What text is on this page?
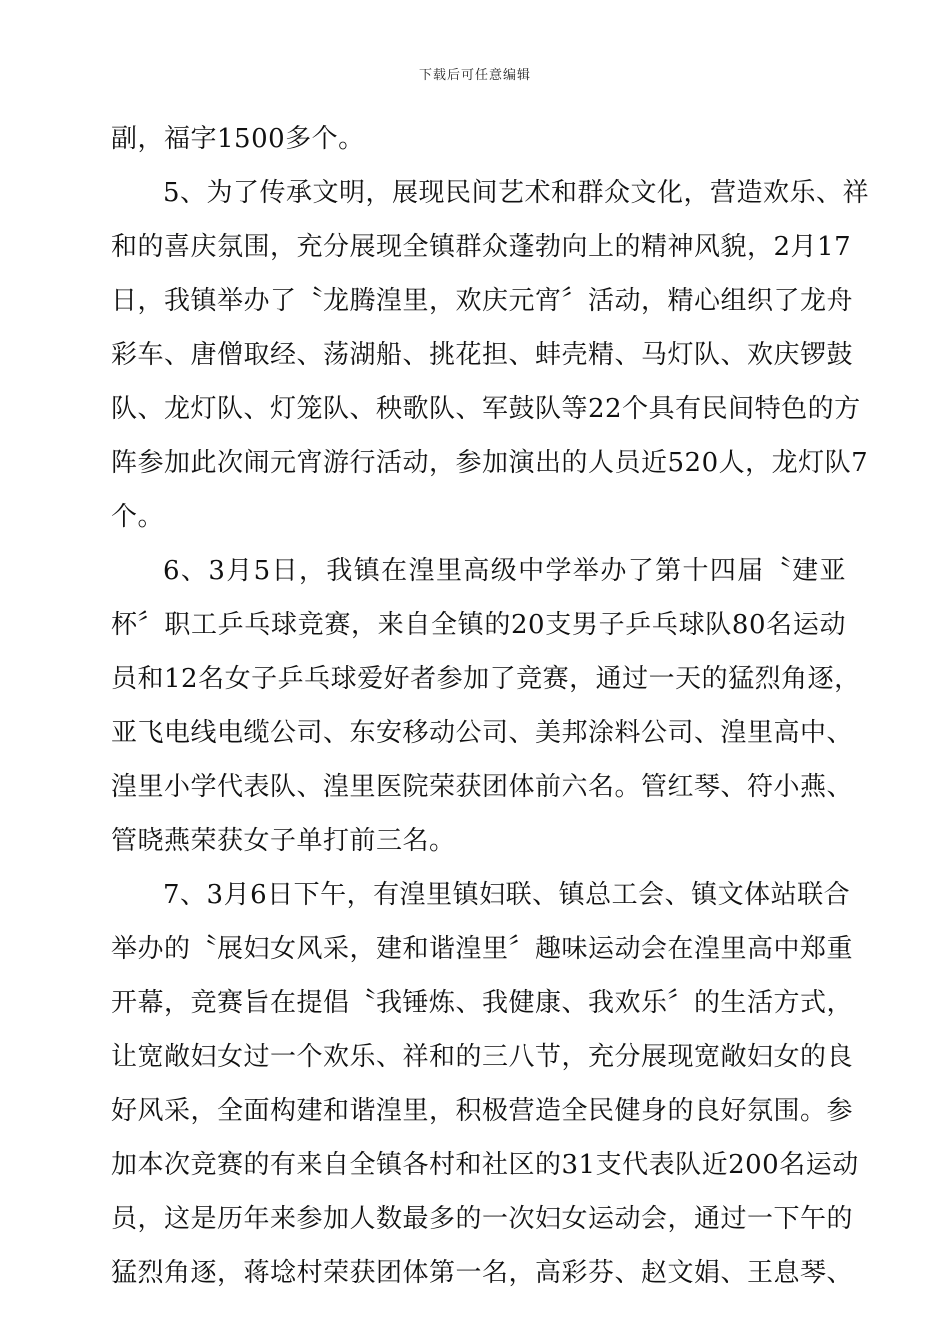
下载后可任意编辑
副，福字1500多个。
5、为了传承文明，展现民间艺术和群众文化，营造欢乐、祥
和的喜庆氛围，充分展现全镇群众蓬勃向上的精神风貌，2月17
日，我镇举办了〝龙腾湟里，欢庆元宵〞活动，精心组织了龙舟
彩车、唐僧取经、荡湖船、挑花担、蚌壳精、马灯队、欢庆锣鼓
队、龙灯队、灯笼队、秧歌队、军鼓队等22个具有民间特色的方
阵参加此次闹元宵游行活动，参加演出的人员近520人，龙灯队7
个。
6、3月5日，我镇在湟里高级中学举办了第十四届〝建亚
杯〞职工乒乓球竞赛，来自全镇的20支男子乒乓球队80名运动
员和12名女子乒乓球爱好者参加了竞赛，通过一天的猛烈角逐，
亚飞电线电缆公司、东安移动公司、美邦涂料公司、湟里高中、
湟里小学代表队、湟里医院荣获团体前六名。管红琴、符小燕、
管晓燕荣获女子单打前三名。
7、3月6日下午，有湟里镇妇联、镇总工会、镇文体站联合
举办的〝展妇女风采，建和谐湟里〞趣味运动会在湟里高中郑重
开幕，竞赛旨在提倡〝我锤炼、我健康、我欢乐〞的生活方式，
让宽敞妇女过一个欢乐、祥和的三八节，充分展现宽敞妇女的良
好风采，全面构建和谐湟里，积极营造全民健身的良好氛围。参
加本次竞赛的有来自全镇各村和社区的31支代表队近200名运动
员，这是历年来参加人数最多的一次妇女运动会，通过一下午的
猛烈角逐，蒋埝村荣获团体第一名，高彩芬、赵文娟、王息琴、
